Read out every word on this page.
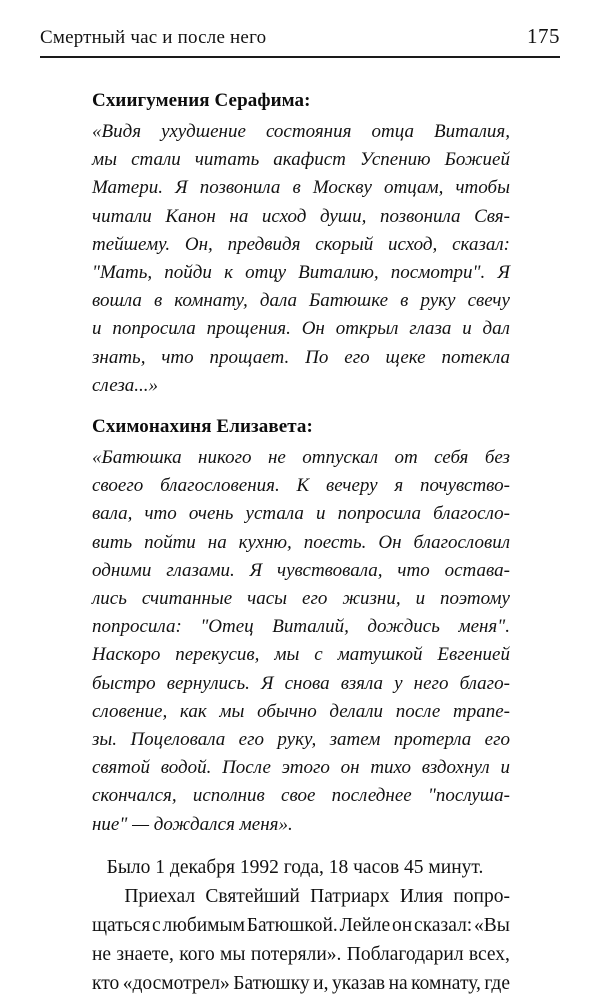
Смертный час и после него	175
Схиигумения Серафима:
«Видя ухудшение состояния отца Виталия,
мы стали читать акафист Успению Божией
Матери. Я позвонила в Москву отцам, чтобы
читали Канон на исход души, позвонила Свя-
тейшему. Он, предвидя скорый исход, сказал:
"Мать, пойди к отцу Виталию, посмотри". Я
вошла в комнату, дала Батюшке в руку свечу
и попросила прощения. Он открыл глаза и дал
знать, что прощает. По его щеке потекла
слеза...»
Схимонахиня Елизавета:
«Батюшка никого не отпускал от себя без
своего благословения. К вечеру я почувство-
вала, что очень устала и попросила благосло-
вить пойти на кухню, поесть. Он благословил
одними глазами. Я чувствовала, что остава-
лись считанные часы его жизни, и поэтому
попросила: "Отец Виталий, дождись меня".
Наскоро перекусив, мы с матушкой Евгенией
быстро вернулись. Я снова взяла у него благо-
словение, как мы обычно делали после трапе-
зы. Поцеловала его руку, затем протерла его
святой водой. После этого он тихо вздохнул и
скончался, исполнив свое последнее "послуша-
ние" — дождался меня».
Было 1 декабря 1992 года, 18 часов 45 минут.
Приехал Святейший Патриарх Илия попро-
щаться с любимым Батюшкой. Лейле он сказал: «Вы
не знаете, кого мы потеряли». Поблагодарил всех,
кто «досмотрел» Батюшку и, указав на комнату, где
